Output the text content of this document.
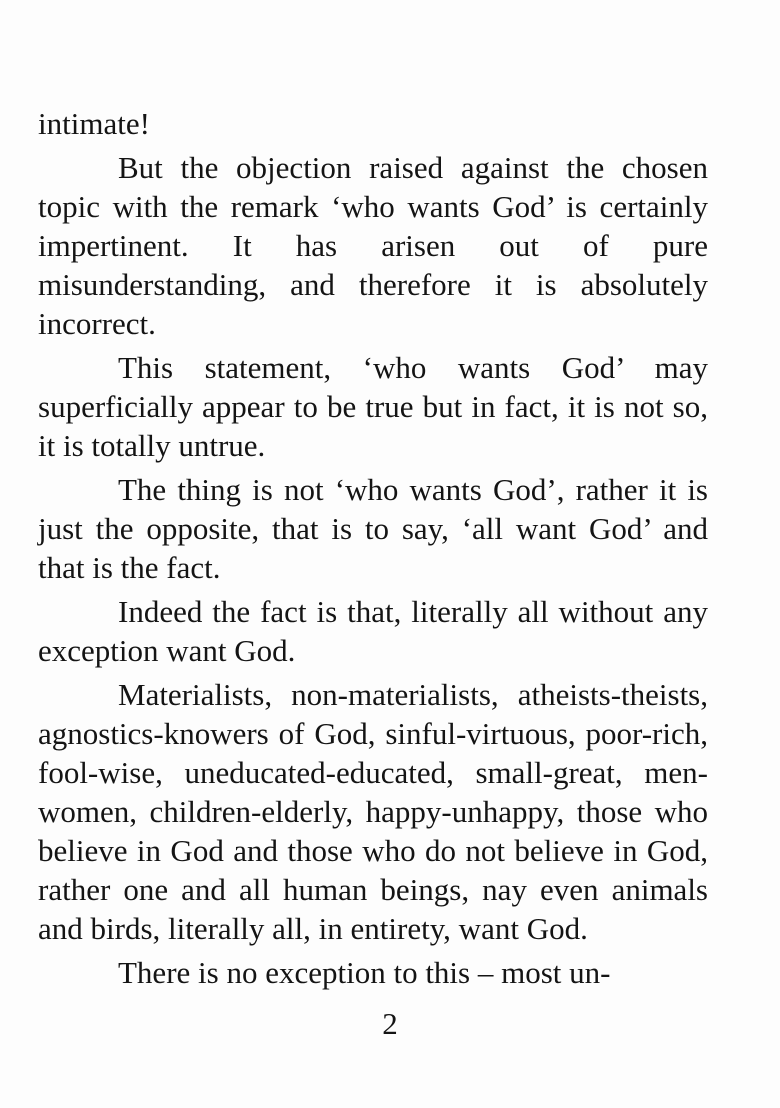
intimate!

But the objection raised against the chosen topic with the remark ‘who wants God’ is certainly impertinent. It has arisen out of pure misunderstanding, and therefore it is absolutely incorrect.

This statement, ‘who wants God’ may superficially appear to be true but in fact, it is not so, it is totally untrue.

The thing is not ‘who wants God’, rather it is just the opposite, that is to say, ‘all want God’ and that is the fact.

Indeed the fact is that, literally all without any exception want God.

Materialists, non-materialists, atheists-theists, agnostics-knowers of God, sinful-virtuous, poor-rich, fool-wise, uneducated-educated, small-great, men-women, children-elderly, happy-unhappy, those who believe in God and those who do not believe in God, rather one and all human beings, nay even animals and birds, literally all, in entirety, want God.

There is no exception to this – most un-

2
